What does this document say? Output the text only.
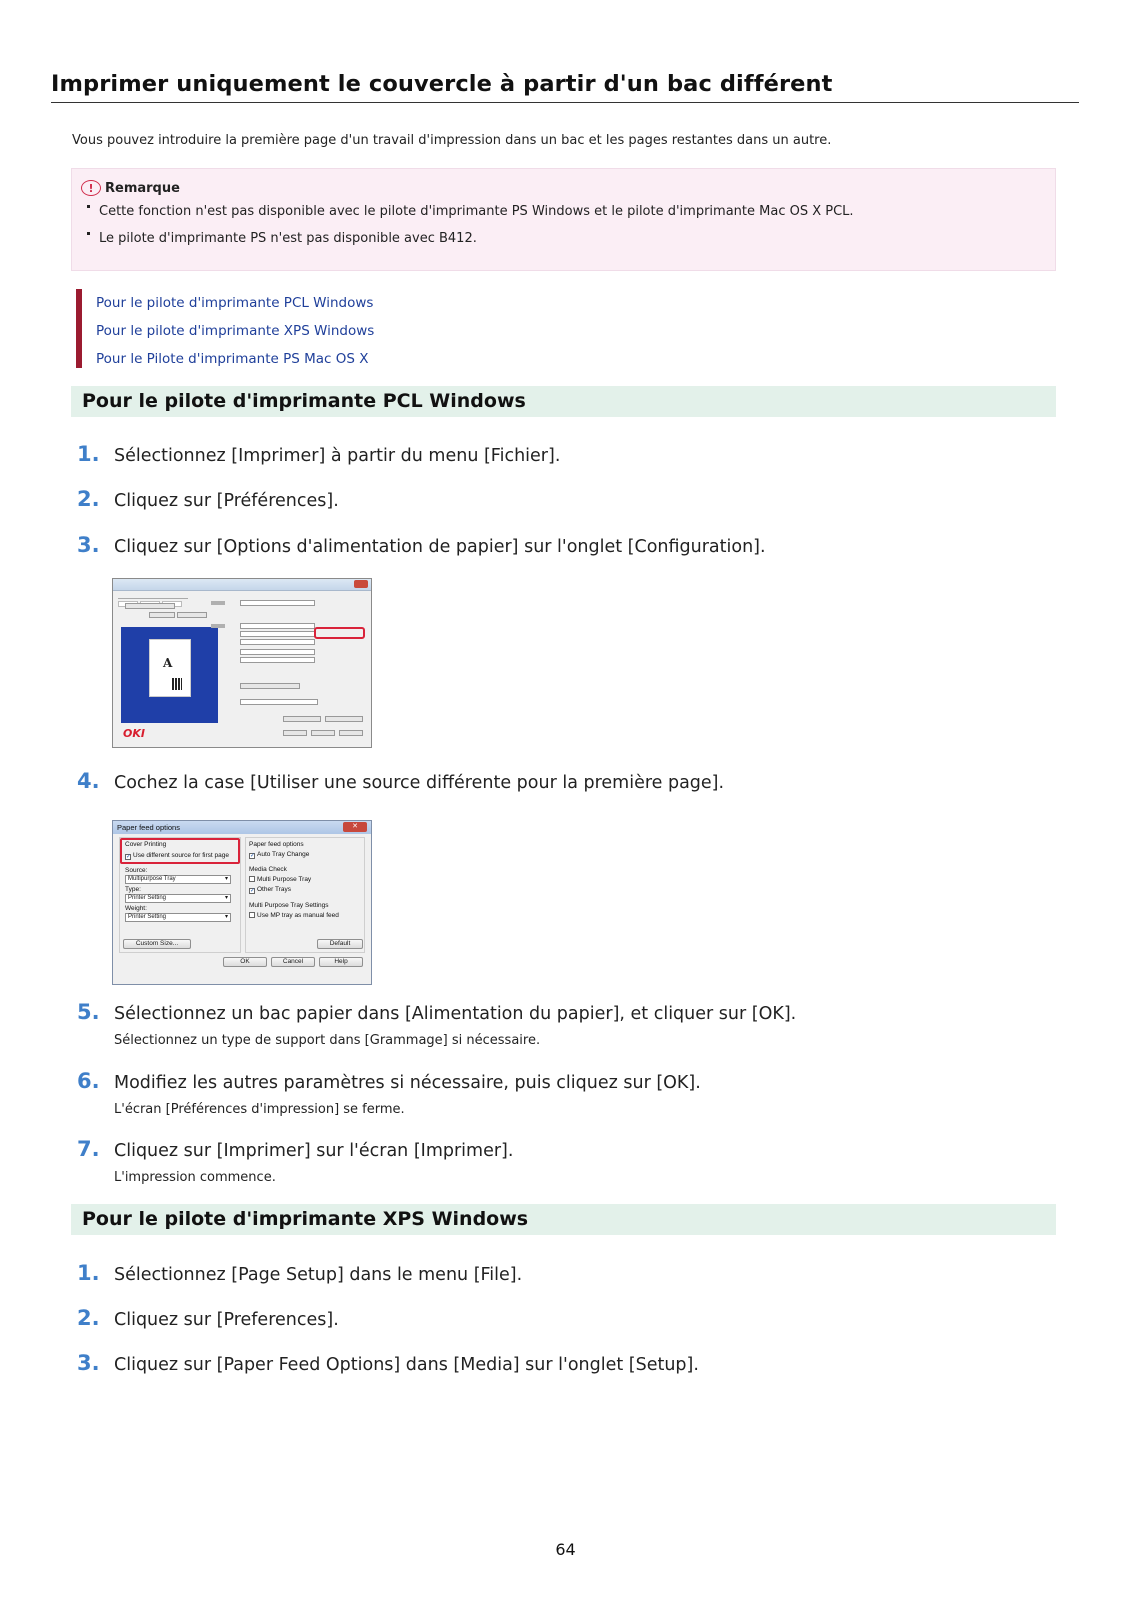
Imprimer uniquement le couvercle à partir d'un bac différent
Vous pouvez introduire la première page d'un travail d'impression dans un bac et les pages restantes dans un autre.
! Remarque
Cette fonction n'est pas disponible avec le pilote d'imprimante PS Windows et le pilote d'imprimante Mac OS X PCL.
Le pilote d'imprimante PS n'est pas disponible avec B412.
Pour le pilote d'imprimante PCL Windows
Pour le pilote d'imprimante XPS Windows
Pour le Pilote d'imprimante PS Mac OS X
Pour le pilote d'imprimante PCL Windows
1. Sélectionnez [Imprimer] à partir du menu [Fichier].
2. Cliquez sur [Préférences].
3. Cliquez sur [Options d'alimentation de papier] sur l'onglet [Configuration].
A
OKI
4. Cochez la case [Utiliser une source différente pour la première page].
Paper feed options	✕
Cover Printing
✓ Use different source for first page
Source:
Multipurpose Tray ▾
Type:
Printer Setting ▾
Weight:
Printer Setting ▾
Paper feed options
✓ Auto Tray Change
Media Check
Multi Purpose Tray
✓ Other Trays
Multi Purpose Tray Settings
Use MP tray as manual feed
Custom Size...	Default
OK	Cancel	Help
5. Sélectionnez un bac papier dans [Alimentation du papier], et cliquer sur [OK].
Sélectionnez un type de support dans [Grammage] si nécessaire.
6. Modifiez les autres paramètres si nécessaire, puis cliquez sur [OK].
L'écran [Préférences d'impression] se ferme.
7. Cliquez sur [Imprimer] sur l'écran [Imprimer].
L'impression commence.
Pour le pilote d'imprimante XPS Windows
1. Sélectionnez [Page Setup] dans le menu [File].
2. Cliquez sur [Preferences].
3. Cliquez sur [Paper Feed Options] dans [Media] sur l'onglet [Setup].
64
